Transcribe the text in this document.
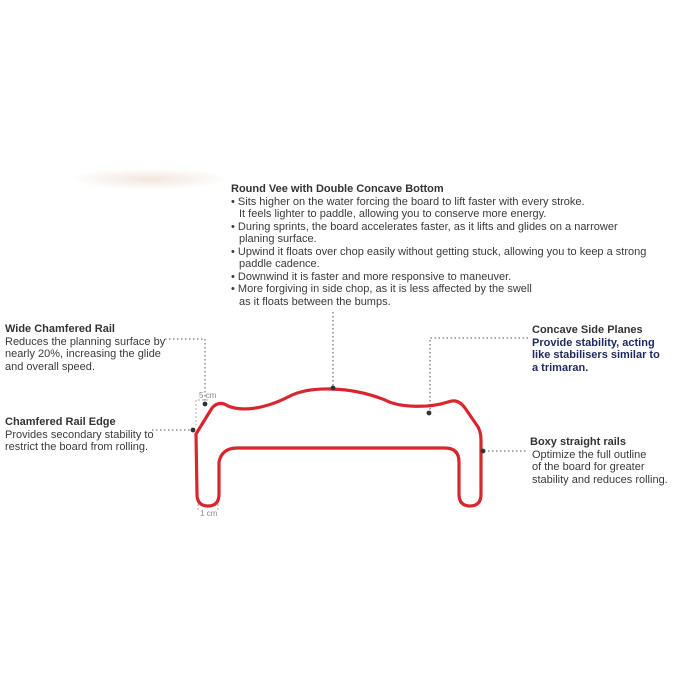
Round Vee with Double Concave Bottom
• Sits higher on the water forcing the board to lift faster with every stroke.
It feels lighter to paddle, allowing you to conserve more energy.
• During sprints, the board accelerates faster, as it lifts and glides on a narrower
planing surface.
• Upwind it floats over chop easily without getting stuck, allowing you to keep a strong
paddle cadence.
• Downwind it is faster and more responsive to maneuver.
• More forgiving in side chop, as it is less affected by the swell
as it floats between the bumps.
Wide Chamfered Rail
Reduces the planning surface by
nearly 20%, increasing the glide
and overall speed.
Chamfered Rail Edge
Provides secondary stability to
restrict the board from rolling.
Concave Side Planes
Provide stability, acting
like stabilisers similar to
a trimaran.
Boxy straight rails
Optimize the full outline
of the board for greater
stability and reduces rolling.
5 cm
1 cm
